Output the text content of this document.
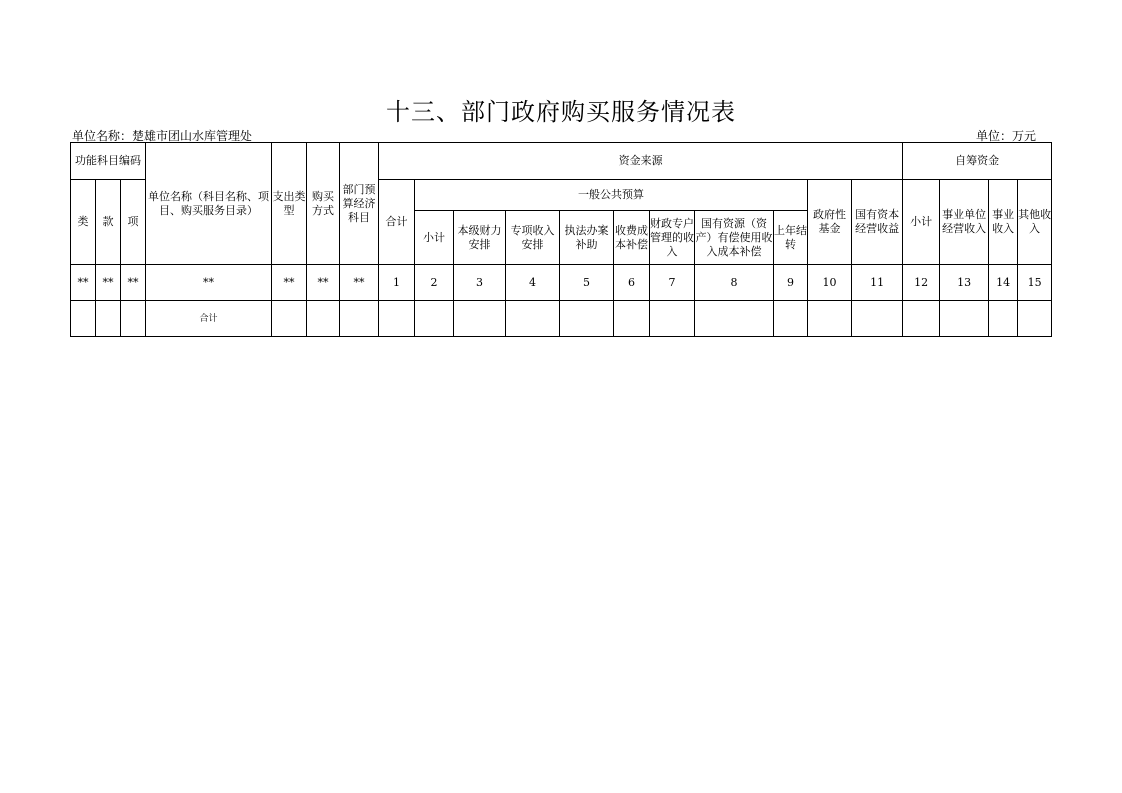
十三、部门政府购买服务情况表
单位名称：楚雄市团山水库管理处	单位：万元
功能科目编码			单位名称（科目名称、项目、购买服务目录）	支出类型	购买方式	部门预算经济科目	资金来源											自筹资金			
类	款	项					合计	一般公共预算								政府性基金	国有资本经营收益	小计	事业单位经营收入	事业收入	其他收入
								小计	本级财力安排	专项收入安排	执法办案补助	收费成本补偿	财政专户管理的收入	国有资源（资产）有偿使用收入成本补偿	上年结转						
**	**	**	**	**	**	**	1	2	3	4	5	6	7	8	9	10	11	12	13	14	15
			合计																		
